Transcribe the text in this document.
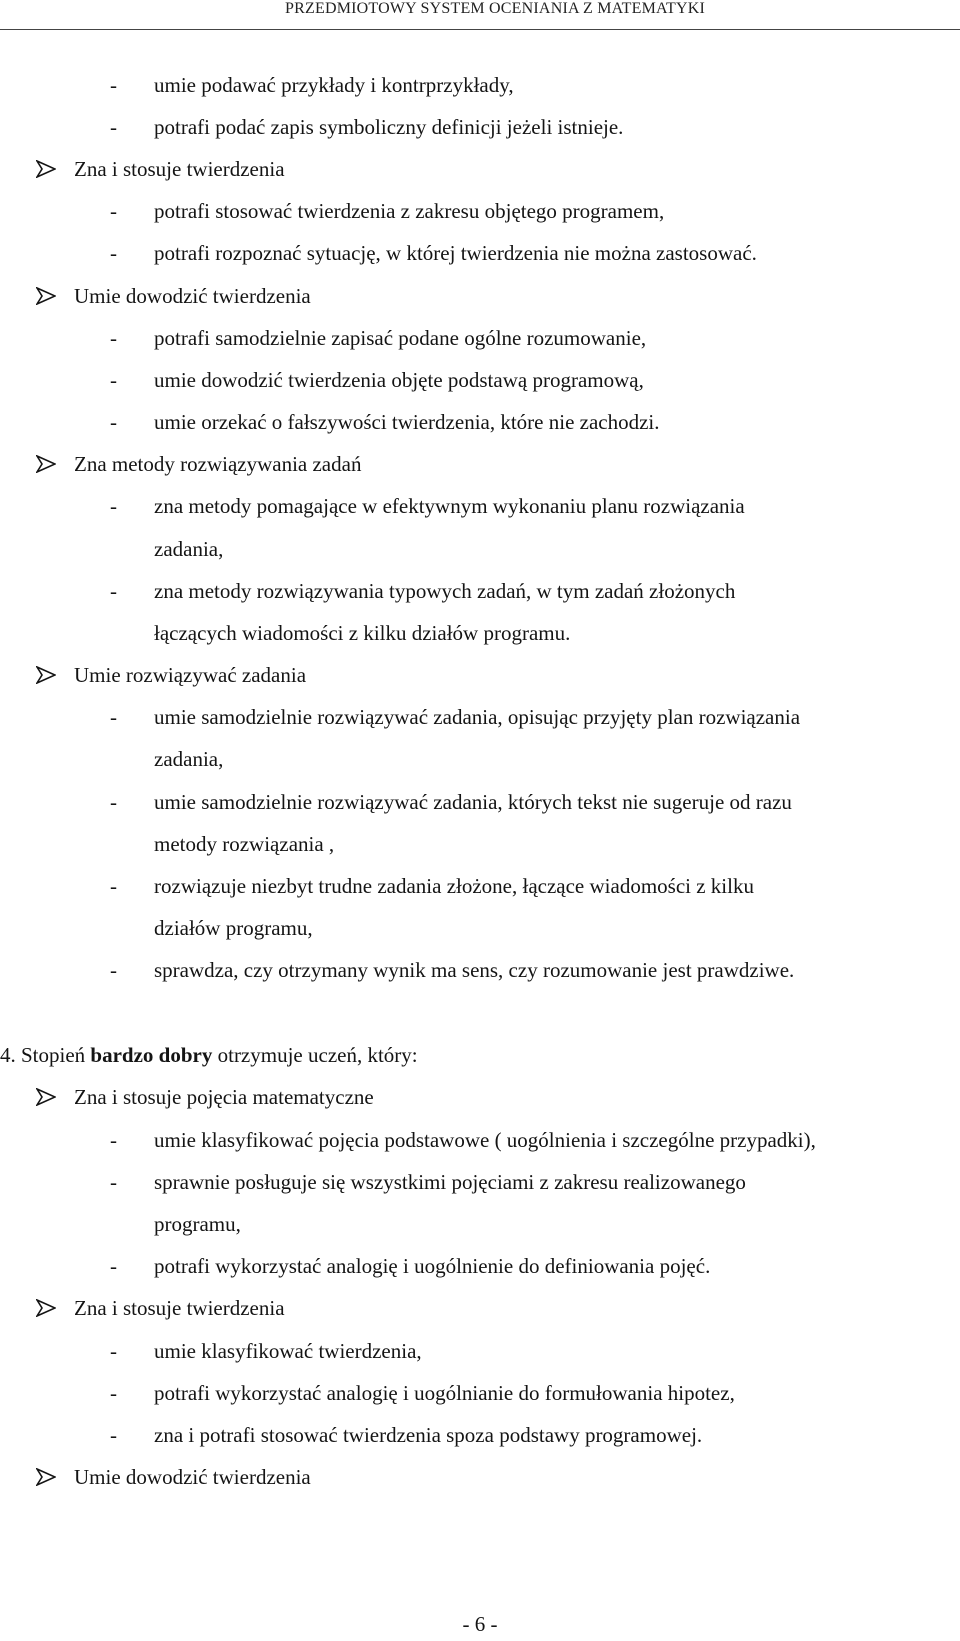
PRZEDMIOTOWY SYSTEM OCENIANIA Z MATEMATYKI
- umie podawać przykłady i kontrprzykłady,
- potrafi podać zapis symboliczny definicji jeżeli istnieje.
Zna i stosuje twierdzenia
- potrafi stosować twierdzenia z zakresu objętego programem,
- potrafi rozpoznać sytuację, w której twierdzenia nie można zastosować.
Umie dowodzić twierdzenia
- potrafi samodzielnie zapisać podane ogólne rozumowanie,
- umie dowodzić twierdzenia objęte podstawą programową,
- umie orzekać o fałszywości twierdzenia, które nie zachodzi.
Zna metody rozwiązywania zadań
- zna metody pomagające w efektywnym wykonaniu planu rozwiązania
zadania,
- zna metody rozwiązywania typowych zadań, w tym zadań złożonych
łączących wiadomości z kilku działów programu.
Umie rozwiązywać zadania
- umie samodzielnie rozwiązywać zadania, opisując przyjęty plan rozwiązania
zadania,
- umie samodzielnie rozwiązywać zadania, których tekst nie sugeruje od razu
metody rozwiązania ,
- rozwiązuje niezbyt trudne zadania złożone, łączące wiadomości z kilku
działów programu,
- sprawdza, czy otrzymany wynik ma sens, czy rozumowanie jest prawdziwe.
4. Stopień bardzo dobry otrzymuje uczeń, który:
Zna i stosuje pojęcia matematyczne
- umie klasyfikować pojęcia podstawowe ( uogólnienia i szczególne przypadki),
- sprawnie posługuje się wszystkimi pojęciami z zakresu realizowanego
programu,
- potrafi wykorzystać analogię i uogólnienie do definiowania pojęć.
Zna i stosuje twierdzenia
- umie klasyfikować twierdzenia,
- potrafi wykorzystać analogię i uogólnianie do formułowania hipotez,
- zna i potrafi stosować twierdzenia spoza podstawy programowej.
Umie dowodzić twierdzenia
- 6 -
